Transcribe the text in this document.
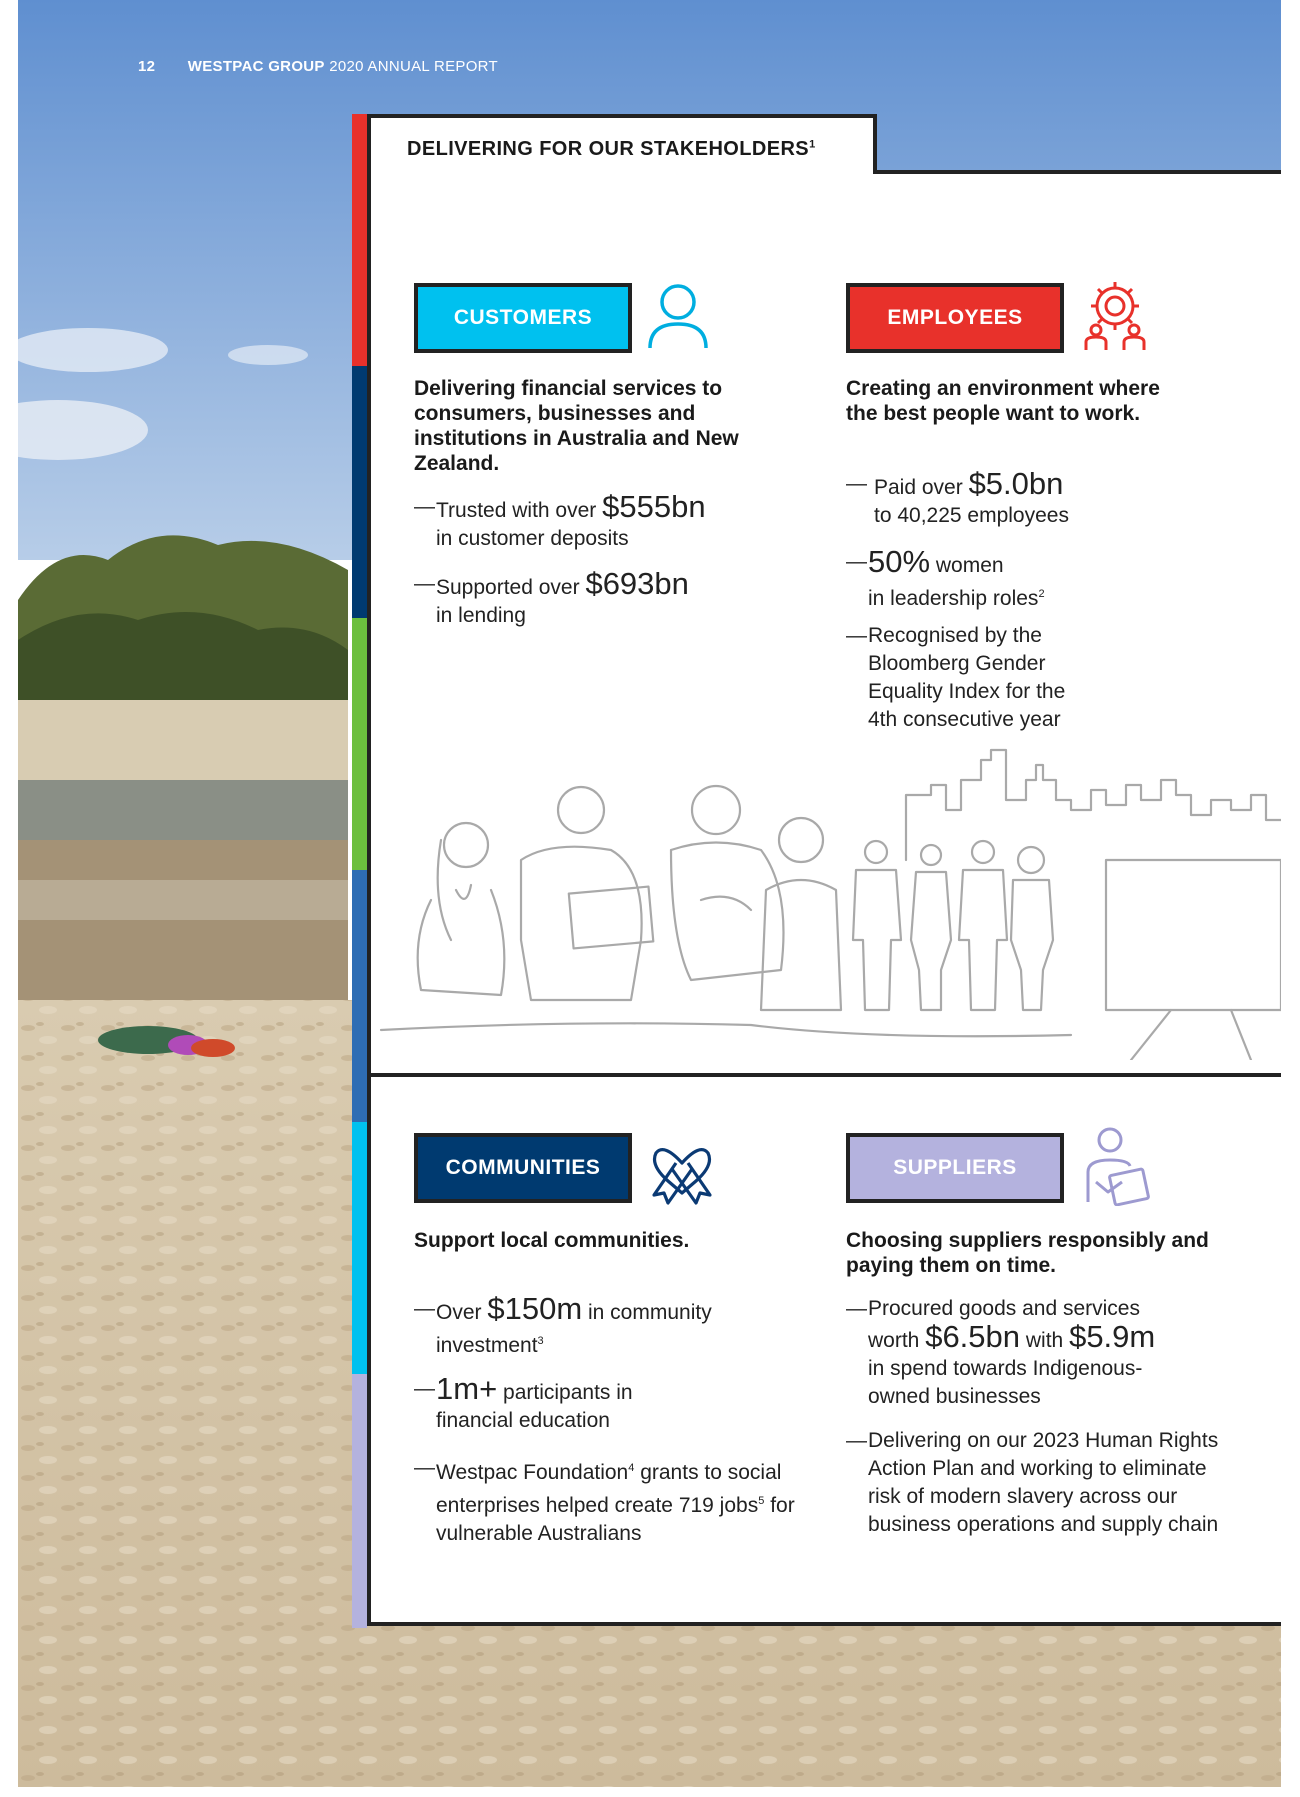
12 WESTPAC GROUP 2020 ANNUAL REPORT
DELIVERING FOR OUR STAKEHOLDERS$^1$
CUSTOMERS
Delivering financial services to consumers, businesses and institutions in Australia and New Zealand.
— Trusted with over $555bn
in customer deposits
— Supported over $693bn
in lending
EMPLOYEES
Creating an environment where the best people want to work.
— Paid over $5.0bn
to 40,225 employees
— 50% women
in leadership roles$^2$
— Recognised by the Bloomberg Gender Equality Index for the 4th consecutive year
COMMUNITIES
Support local communities.
— Over $150m in community
investment$^3$
— 1m+ participants in
financial education
— Westpac Foundation$^4$ grants to social enterprises helped create 719 jobs$^5$ for vulnerable Australians
SUPPLIERS
Choosing suppliers responsibly and paying them on time.
— Procured goods and services
worth $6.5bn with $5.9m
in spend towards Indigenous-owned businesses
— Delivering on our 2023 Human Rights Action Plan and working to eliminate risk of modern slavery across our business operations and supply chain
